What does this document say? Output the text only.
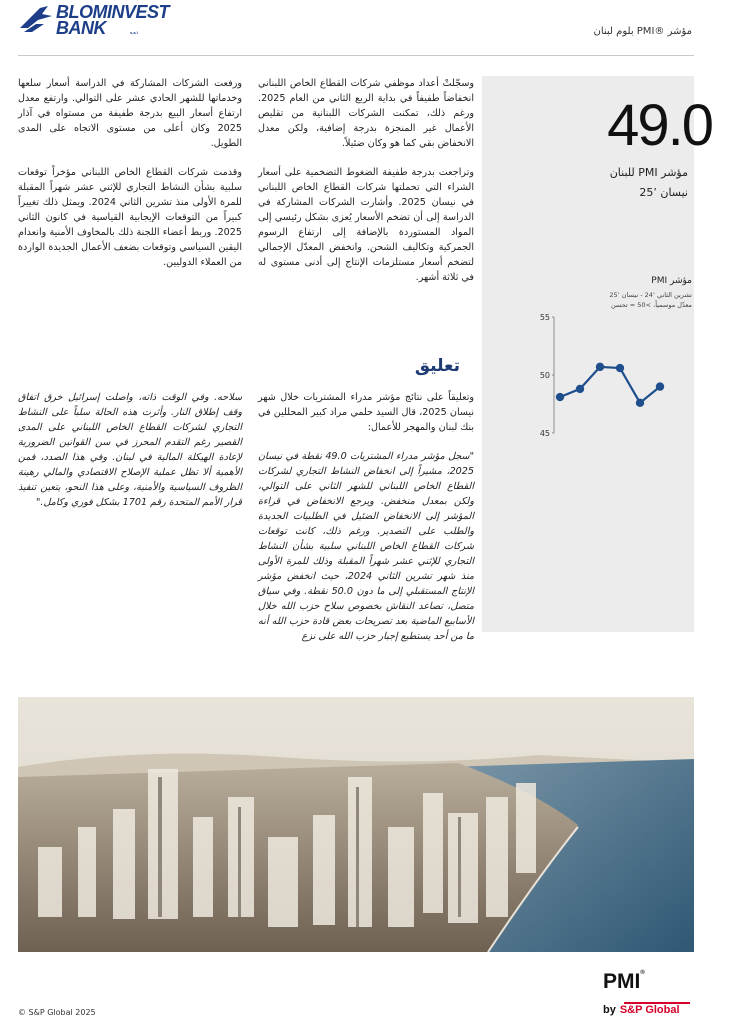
BLOMINVEST
BANK	s.a.l	مؤشر ®PMI بلوم لبنان
49.0
مؤشر PMI للبنان
نيسان ’25
مؤشر PMI
تشرين الثاني ’24 - نيسان ’25
معدّل موسمياً، >50 = تحسن
55
50
45

وسجّلتْ أعداد موظفي شركات القطاع الخاص اللبناني انخفاضاً طفيفاً في بداية الربع الثاني من العام 2025. ورغم ذلك، تمكنت الشركات اللبنانية من تقليص الأعمال غير المنجزة بدرجة إضافية، ولكن معدل الانخفاض بقي كما هو وكان ضئيلاً.

وتراجعت بدرجة طفيفة الضغوط التضخمية على أسعار الشراء التي تحملتها شركات القطاع الخاص اللبناني في نيسان 2025. وأشارت الشركات المشاركة في الدراسة إلى أن تضخم الأسعار يُعزى بشكل رئيسي إلى المواد المستوردة بالإضافة إلى ارتفاع الرسوم الجمركية وتكاليف الشحن. وانخفض المعدّل الإجمالي لتضخم أسعار مستلزمات الإنتاج إلى أدنى مستوى له في ثلاثة أشهر.

ورفعت الشركات المشاركة في الدراسة أسعار سلعها وخدماتها للشهر الحادي عشر على التوالي. وارتفع معدل ارتفاع أسعار البيع بدرجة طفيفة من مستواه في آذار 2025 وكان أعلى من مستوى الاتجاه على المدى الطويل.

وقدمت شركات القطاع الخاص اللبناني مؤخراً توقعات سلبية بشأن النشاط التجاري للإثني عشر شهراً المقبلة للمرة الأولى منذ تشرين الثاني 2024. ويمثل ذلك تغييراً كبيراً من التوقعات الإيجابية القياسية في كانون الثاني 2025. وربط أعضاء اللجنة ذلك بالمخاوف الأمنية وانعدام اليقين السياسي وتوقعات بضعف الأعمال الجديدة الواردة من العملاء الدوليين.

تعليق

وتعليقاً على نتائج مؤشر مدراء المشتريات خلال شهر نيسان 2025، قال السيد حلمي مراد كبير المحللين في بنك لبنان والمهجر للأعمال:

"سجل مؤشر مدراء المشتريات 49.0 نقطة في نيسان 2025، مشيراً إلى انخفاض النشاط التجاري لشركات القطاع الخاص اللبناني للشهر الثاني على التوالي، ولكن بمعدل منخفض. ويرجع الانخفاض في قراءة المؤشر إلى الانخفاض الضئيل في الطلبيات الجديدة والطلب على التصدير. ورغم ذلك، كانت توقعات شركات القطاع الخاص اللبناني سلبية بشأن النشاط التجاري للإثني عشر شهراً المقبلة وذلك للمرة الأولى منذ شهر تشرين الثاني 2024، حيث انخفض مؤشر الإنتاج المستقبلي إلى ما دون 50.0 نقطة. وفي سياق متصل، تصاعد النقاش بخصوص سلاح حزب الله خلال الأسابيع الماضية بعد تصريحات بعض قادة حزب الله أنه ما من أحد يستطيع إجبار حزب الله على نزع

سلاحه. وفي الوقت ذاته، واصلت إسرائيل خرق اتفاق وقف إطلاق النار. وأثرت هذه الحالة سلباً على النشاط التجاري لشركات القطاع الخاص اللبناني على المدى القصير رغم التقدم المحرز في سن القوانين الضرورية لإعادة الهيكلة المالية في لبنان. وفي هذا الصدد، فمن الأهمية ألا تظل عملية الإصلاح الاقتصادي والمالي رهينة الظروف السياسية والأمنية، وعلى هذا النحو، يتعين تنفيذ قرار الأمم المتحدة رقم 1701 بشكل فوري وكامل."

PMI®
by S&P Global
© S&P Global 2025
